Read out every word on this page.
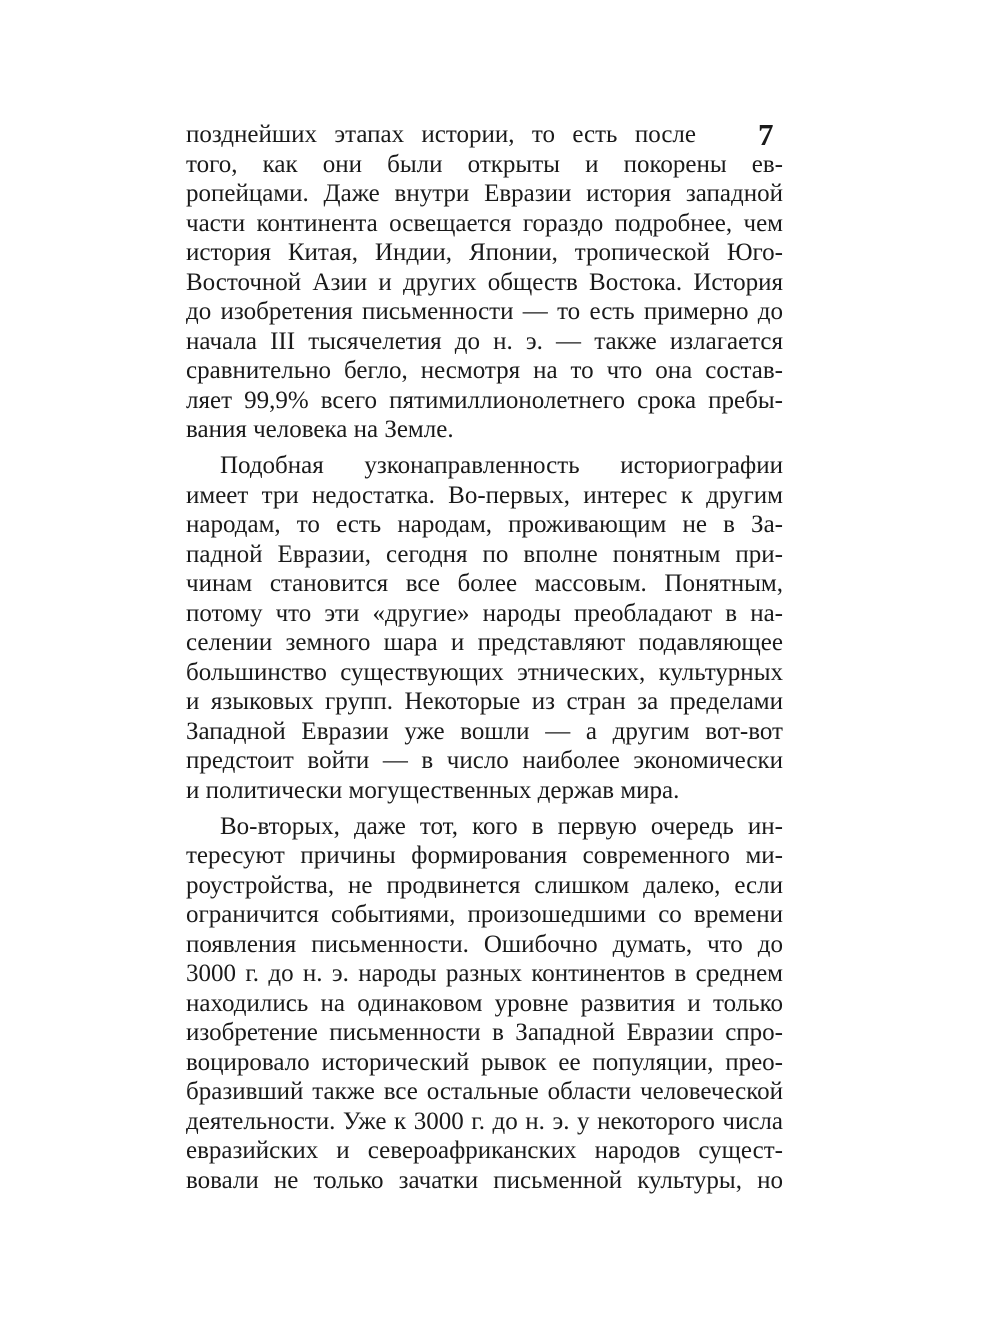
7
позднейших этапах истории, то есть после
того, как они были открыты и покорены ев-
ропейцами. Даже внутри Евразии история западной
части континента освещается гораздо подробнее, чем
история Китая, Индии, Японии, тропической Юго-
Восточной Азии и других обществ Востока. История
до изобретения письменности — то есть примерно до
начала III тысячелетия до н. э. — также излагается
сравнительно бегло, несмотря на то что она состав-
ляет 99,9% всего пятимиллионолетнего срока пребы-
вания человека на Земле.
Подобная узконаправленность историографии
имеет три недостатка. Во-первых, интерес к другим
народам, то есть народам, проживающим не в За-
падной Евразии, сегодня по вполне понятным при-
чинам становится все более массовым. Понятным,
потому что эти «другие» народы преобладают в на-
селении земного шара и представляют подавляющее
большинство существующих этнических, культурных
и языковых групп. Некоторые из стран за пределами
Западной Евразии уже вошли — а другим вот-вот
предстоит войти — в число наиболее экономически
и политически могущественных держав мира.
Во-вторых, даже тот, кого в первую очередь ин-
тересуют причины формирования современного ми-
роустройства, не продвинется слишком далеко, если
ограничится событиями, произошедшими со времени
появления письменности. Ошибочно думать, что до
3000 г. до н. э. народы разных континентов в среднем
находились на одинаковом уровне развития и только
изобретение письменности в Западной Евразии спро-
воцировало исторический рывок ее популяции, прео-
бразивший также все остальные области человеческой
деятельности. Уже к 3000 г. до н. э. у некоторого числа
евразийских и североафриканских народов сущест-
вовали не только зачатки письменной культуры, но
